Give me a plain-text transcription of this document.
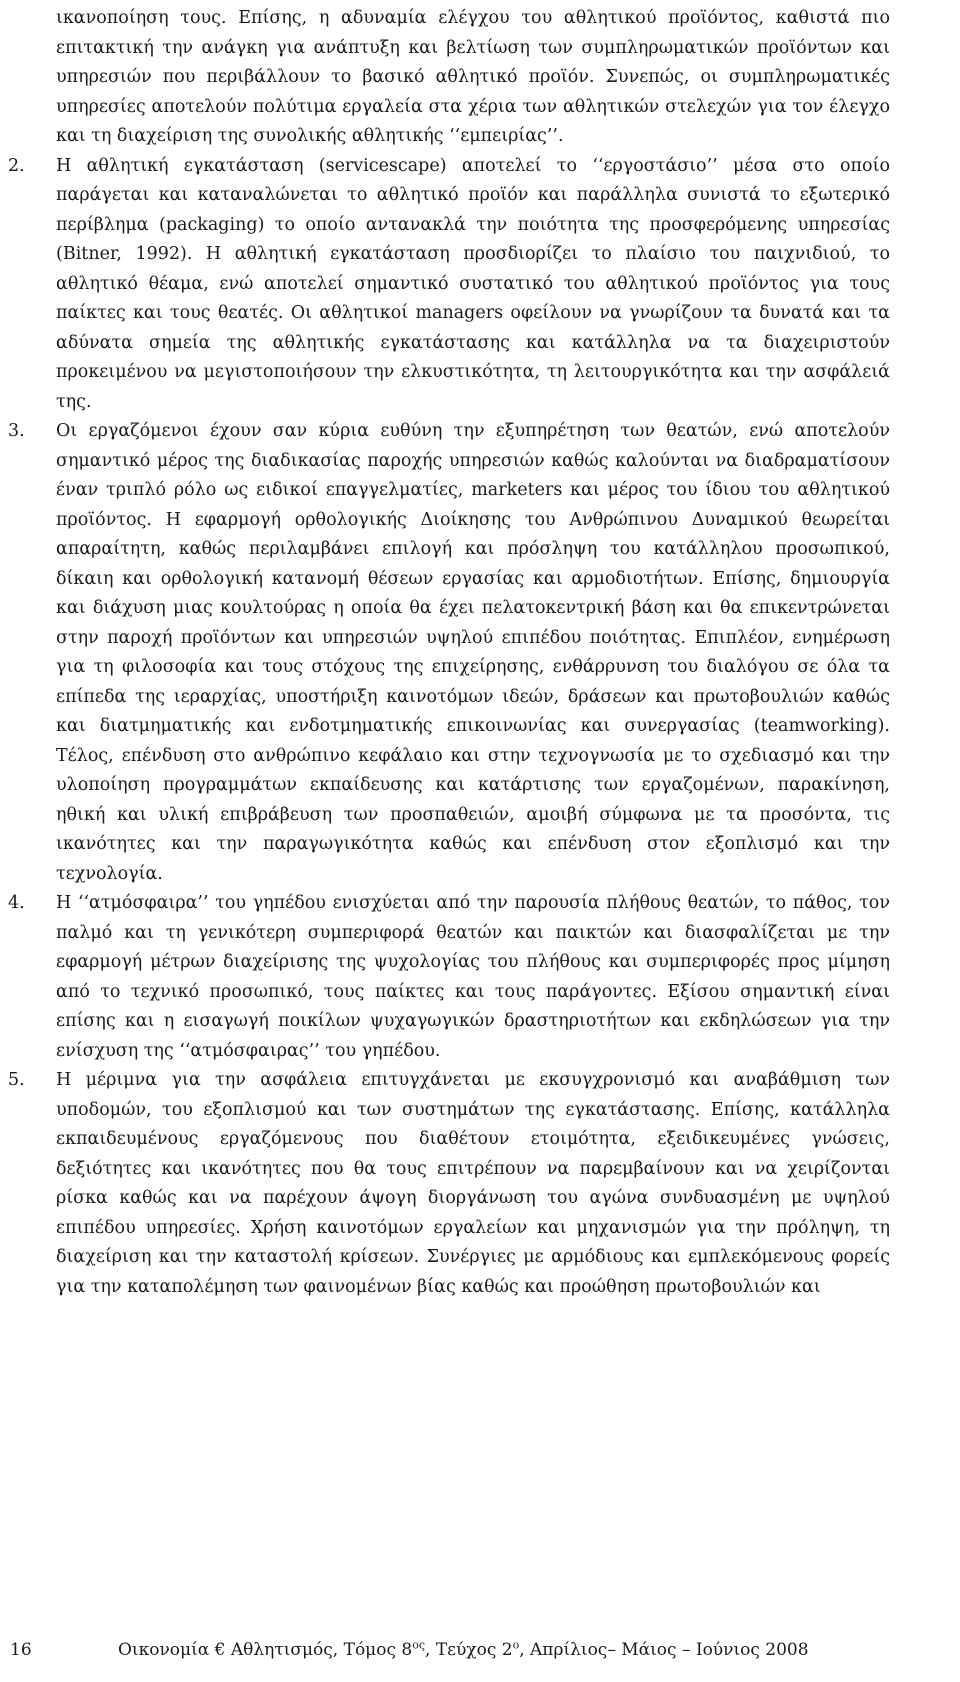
ικανοποίηση τους. Επίσης, η αδυναμία ελέγχου του αθλητικού προϊόντος, καθιστά πιο επιτακτική την ανάγκη για ανάπτυξη και βελτίωση των συμπληρωματικών προϊόντων και υπηρεσιών που περιβάλλουν το βασικό αθλητικό προϊόν. Συνεπώς, οι συμπληρωματικές υπηρεσίες αποτελούν πολύτιμα εργαλεία στα χέρια των αθλητικών στελεχών για τον έλεγχο και τη διαχείριση της συνολικής αθλητικής ‘‘εμπειρίας’’.

2.	Η αθλητική εγκατάσταση (servicescape) αποτελεί το ‘‘εργοστάσιο’’ μέσα στο οποίο παράγεται και καταναλώνεται το αθλητικό προϊόν και παράλληλα συνιστά το εξωτερικό περίβλημα (packaging) το οποίο αντανακλά την ποιότητα της προσφερόμενης υπηρεσίας (Bitner, 1992). Η αθλητική εγκατάσταση προσδιορίζει το πλαίσιο του παιχνιδιού, το αθλητικό θέαμα, ενώ αποτελεί σημαντικό συστατικό του αθλητικού προϊόντος για τους παίκτες και τους θεατές. Οι αθλητικοί managers οφείλουν να γνωρίζουν τα δυνατά και τα αδύνατα σημεία της αθλητικής εγκατάστασης και κατάλληλα να τα διαχειριστούν προκειμένου να μεγιστοποιήσουν την ελκυστικότητα, τη λειτουργικότητα και την ασφάλειά της.
3.	Οι εργαζόμενοι έχουν σαν κύρια ευθύνη την εξυπηρέτηση των θεατών, ενώ αποτελούν σημαντικό μέρος της διαδικασίας παροχής υπηρεσιών καθώς καλούνται να διαδραματίσουν έναν τριπλό ρόλο ως ειδικοί επαγγελματίες, marketers και μέρος του ίδιου του αθλητικού προϊόντος. Η εφαρμογή ορθολογικής Διοίκησης του Ανθρώπινου Δυναμικού θεωρείται απαραίτητη, καθώς περιλαμβάνει επιλογή και πρόσληψη του κατάλληλου προσωπικού, δίκαιη και ορθολογική κατανομή θέσεων εργασίας και αρμοδιοτήτων. Επίσης, δημιουργία και διάχυση μιας κουλτούρας η οποία θα έχει πελατοκεντρική βάση και θα επικεντρώνεται στην παροχή προϊόντων και υπηρεσιών υψηλού επιπέδου ποιότητας. Επιπλέον, ενημέρωση για τη φιλοσοφία και τους στόχους της επιχείρησης, ενθάρρυνση του διαλόγου σε όλα τα επίπεδα της ιεραρχίας, υποστήριξη καινοτόμων ιδεών, δράσεων και πρωτοβουλιών καθώς και διατμηματικής και ενδοτμηματικής επικοινωνίας και συνεργασίας (teamworking). Τέλος, επένδυση στο ανθρώπινο κεφάλαιο και στην τεχνογνωσία με το σχεδιασμό και την υλοποίηση προγραμμάτων εκπαίδευσης και κατάρτισης των εργαζομένων, παρακίνηση, ηθική και υλική επιβράβευση των προσπαθειών, αμοιβή σύμφωνα με τα προσόντα, τις ικανότητες και την παραγωγικότητα καθώς και επένδυση στον εξοπλισμό και την τεχνολογία.
4.	Η ‘‘ατμόσφαιρα’’ του γηπέδου ενισχύεται από την παρουσία πλήθους θεατών, το πάθος, τον παλμό και τη γενικότερη συμπεριφορά θεατών και παικτών και διασφαλίζεται με την εφαρμογή μέτρων διαχείρισης της ψυχολογίας του πλήθους και συμπεριφορές προς μίμηση από το τεχνικό προσωπικό, τους παίκτες και τους παράγοντες. Εξίσου σημαντική είναι επίσης και η εισαγωγή ποικίλων ψυχαγωγικών δραστηριοτήτων και εκδηλώσεων για την ενίσχυση της ‘‘ατμόσφαιρας’’ του γηπέδου.
5.	Η μέριμνα για την ασφάλεια επιτυγχάνεται με εκσυγχρονισμό και αναβάθμιση των υποδομών, του εξοπλισμού και των συστημάτων της εγκατάστασης. Επίσης, κατάλληλα εκπαιδευμένους εργαζόμενους που διαθέτουν ετοιμότητα, εξειδικευμένες γνώσεις, δεξιότητες και ικανότητες που θα τους επιτρέπουν να παρεμβαίνουν και να χειρίζονται ρίσκα καθώς και να παρέχουν άψογη διοργάνωση του αγώνα συνδυασμένη με υψηλού επιπέδου υπηρεσίες. Χρήση καινοτόμων εργαλείων και μηχανισμών για την πρόληψη, τη διαχείριση και την καταστολή κρίσεων. Συνέργιες με αρμόδιους και εμπλεκόμενους φορείς για την καταπολέμηση των φαινομένων βίας καθώς και προώθηση πρωτοβουλιών και
16	Οικονομία € Αθλητισμός, Τόμος $8^{o\varsigma}$, Τεύχος $2^o$, Απρίλιος– Μάιος – Ιούνιος 2008
